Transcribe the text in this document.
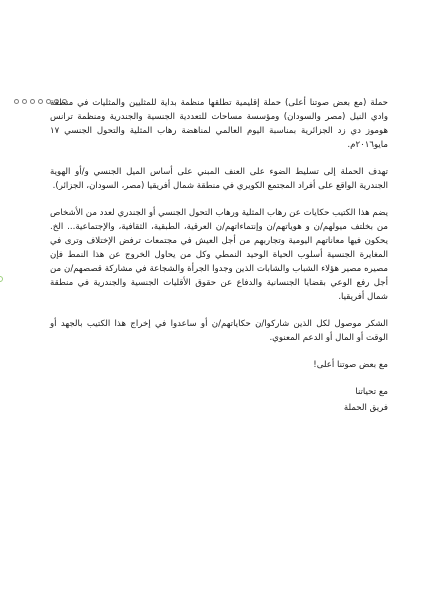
حملة (مع بعض صوتنا أعلى) حملة إقليمية تطلقها منظمة بداية للمثليين والمثليات في منطقة وادي النيل (مصر والسودان) ومؤسسة مساحات للتعددية الجنسية والجندرية ومنظمة ترانس هوموز دي زد الجزائرية بمناسبة اليوم العالمي لمناهضة رهاب المثلية والتحول الجنسي ١٧ مايو٢٠١٦م.

تهدف الحملة إلى تسليط الضوء على العنف المبني على أساس الميل الجنسي و/أو الهوية الجندرية الواقع على أفراد المجتمع الكويري في منطقة شمال أفريقيا (مصر، السودان، الجزائر).

يضم هذا الكتيب حكايات عن رهاب المثلية ورهاب التحول الجنسي أو الجندري لعدد من الأشخاص من بخلتف ميولهم/ن و هوياتهم/ن وإنتماءاتهم/ن العرقية، الطبقية، الثقافية، والإجتماعية... الخ. يحكون فيها معاناتهم اليومية وتجاربهم من أجل العيش في مجتمعات ترفض الإختلاف وترى في المغايرة الجنسية أسلوب الحياة الوحيد النمطي وكل من يحاول الخروج عن هذا النمط فإن مصيره مصير هؤلاء الشباب والشابات الذين وجدوا الجرأة والشجاعة في مشاركة قصصهم/ن من أجل رفع الوعي بقضايا الجنسانية والدفاع عن حقوق الأقليات الجنسية والجندرية في منطقة شمال أفريقيا.

الشكر موصول لكل الذين شاركوا/ن حكاياتهم/ن أو ساعدوا في إخراج هذا الكتيب بالجهد أو الوقت أو المال أو الدعم المعنوي.

مع بعض صوتنا أعلى!

مع تحياتنا
فريق الحملة
